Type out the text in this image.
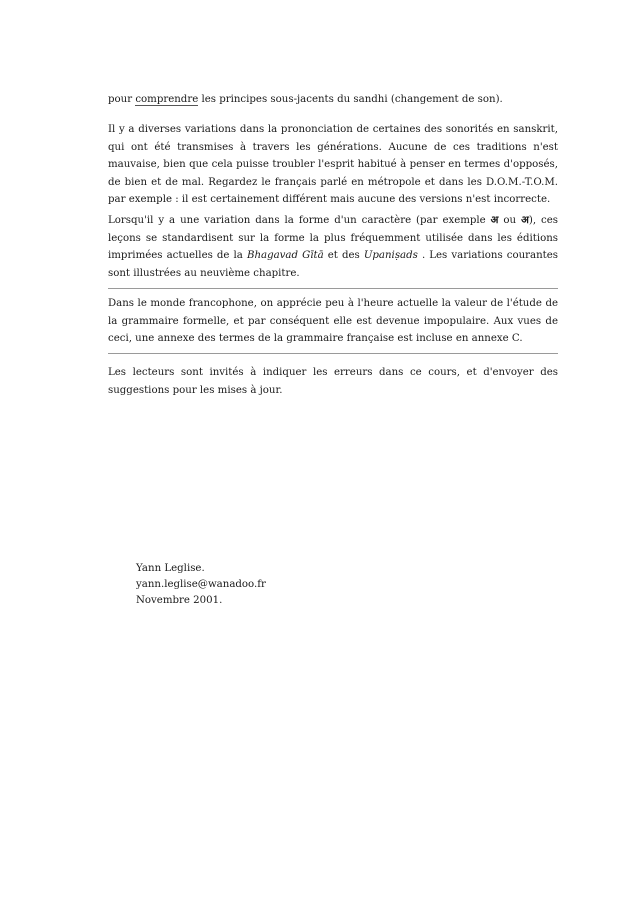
pour comprendre les principes sous-jacents du sandhi (changement de son).

Il y a diverses variations dans la prononciation de certaines des sonorités en sanskrit, qui ont été transmises à travers les générations. Aucune de ces traditions n'est mauvaise, bien que cela puisse troubler l'esprit habitué à penser en termes d'opposés, de bien et de mal. Regardez le français parlé en métropole et dans les D.O.M.-T.O.M. par exemple : il est certainement différent mais aucune des versions n'est incorrecte.

Lorsqu'il y a une variation dans la forme d'un caractère (par exemple अ ou अ), ces leçons se standardisent sur la forme la plus fréquemment utilisée dans les éditions imprimées actuelles de la Bhagavad Gītā et des Upaniṣads . Les variations courantes sont illustrées au neuvième chapitre.

Dans le monde francophone, on apprécie peu à l'heure actuelle la valeur de l'étude de la grammaire formelle, et par conséquent elle est devenue impopulaire. Aux vues de ceci, une annexe des termes de la grammaire française est incluse en annexe C.

Les lecteurs sont invités à indiquer les erreurs dans ce cours, et d'envoyer des suggestions pour les mises à jour.

Yann Leglise.
yann.leglise@wanadoo.fr
Novembre 2001.
